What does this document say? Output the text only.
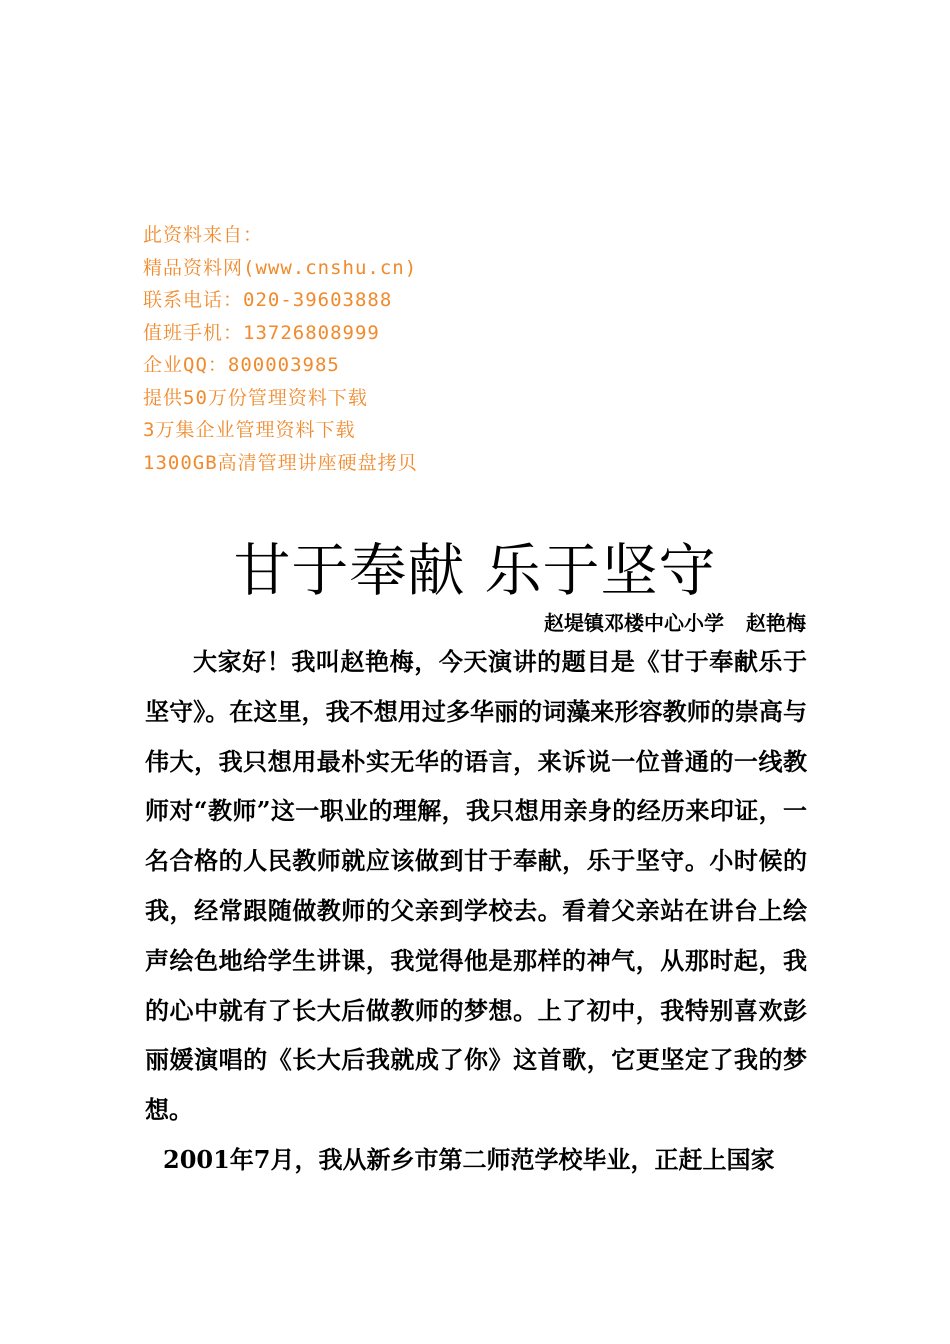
此资料来自：
精品资料网(www.cnshu.cn)
联系电话：020-39603888
值班手机：13726808999
企业QQ：800003985
提供50万份管理资料下载
3万集企业管理资料下载
1300GB高清管理讲座硬盘拷贝
甘于奉献 乐于坚守
赵堤镇邓楼中心小学 赵艳梅

大家好！我叫赵艳梅，今天演讲的题目是《甘于奉献乐于坚守》。在这里，我不想用过多华丽的词藻来形容教师的崇高与伟大，我只想用最朴实无华的语言，来诉说一位普通的一线教师对“教师”这一职业的理解，我只想用亲身的经历来印证，一名合格的人民教师就应该做到甘于奉献，乐于坚守。小时候的我，经常跟随做教师的父亲到学校去。看着父亲站在讲台上绘声绘色地给学生讲课，我觉得他是那样的神气，从那时起，我的心中就有了长大后做教师的梦想。上了初中，我特别喜欢彭丽媛演唱的《长大后我就成了你》这首歌，它更坚定了我的梦想。

2001年7月，我从新乡市第二师范学校毕业，正赶上国家
